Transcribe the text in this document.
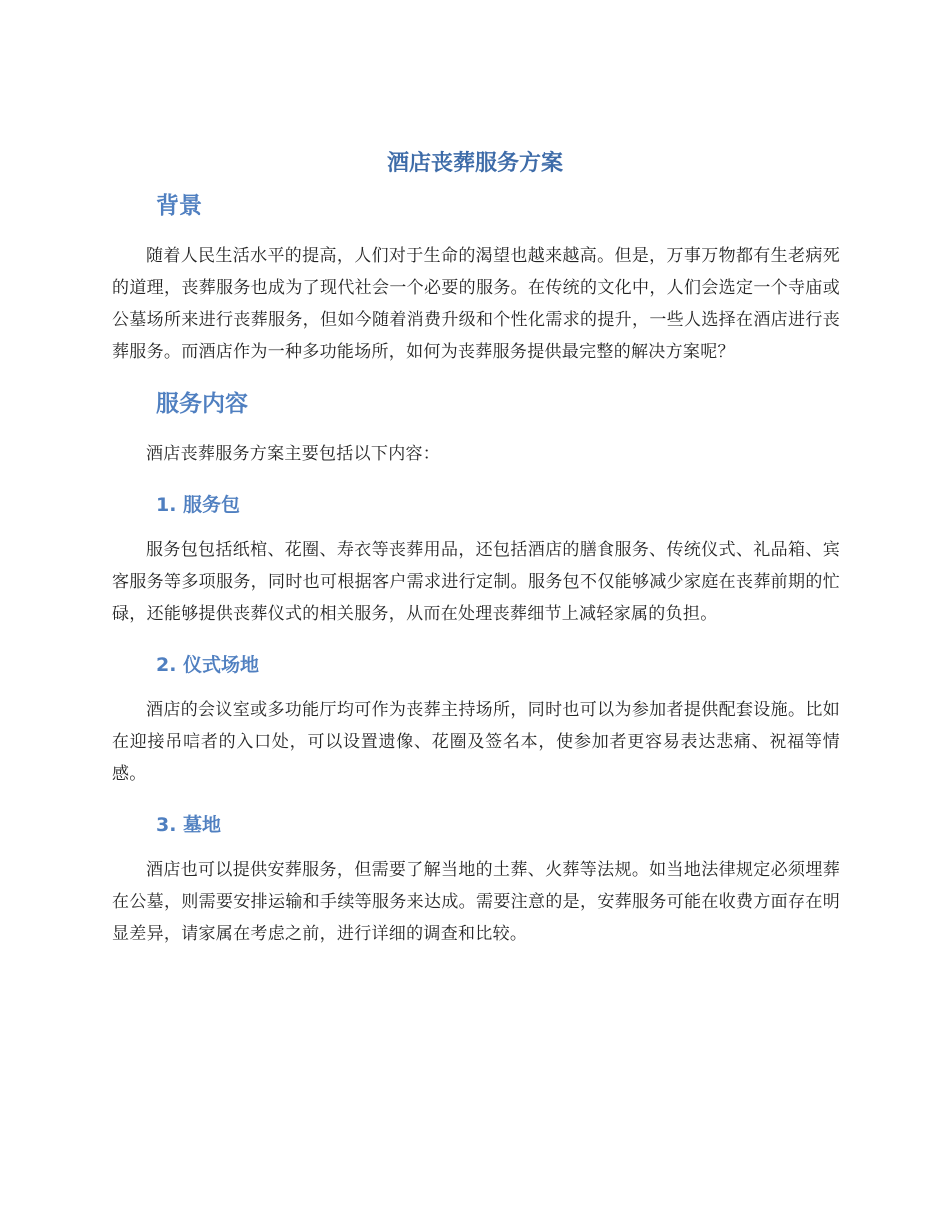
酒店丧葬服务方案
背景

随着人民生活水平的提高，人们对于生命的渴望也越来越高。但是，万事万物都有生老病死的道理，丧葬服务也成为了现代社会一个必要的服务。在传统的文化中，人们会选定一个寺庙或公墓场所来进行丧葬服务，但如今随着消费升级和个性化需求的提升，一些人选择在酒店进行丧葬服务。而酒店作为一种多功能场所，如何为丧葬服务提供最完整的解决方案呢？

服务内容

酒店丧葬服务方案主要包括以下内容：

1. 服务包

服务包包括纸棺、花圈、寿衣等丧葬用品，还包括酒店的膳食服务、传统仪式、礼品箱、宾客服务等多项服务，同时也可根据客户需求进行定制。服务包不仅能够减少家庭在丧葬前期的忙碌，还能够提供丧葬仪式的相关服务，从而在处理丧葬细节上减轻家属的负担。

2. 仪式场地

酒店的会议室或多功能厅均可作为丧葬主持场所，同时也可以为参加者提供配套设施。比如在迎接吊唁者的入口处，可以设置遗像、花圈及签名本，使参加者更容易表达悲痛、祝福等情感。

3. 墓地

酒店也可以提供安葬服务，但需要了解当地的土葬、火葬等法规。如当地法律规定必须埋葬在公墓，则需要安排运输和手续等服务来达成。需要注意的是，安葬服务可能在收费方面存在明显差异，请家属在考虑之前，进行详细的调查和比较。
